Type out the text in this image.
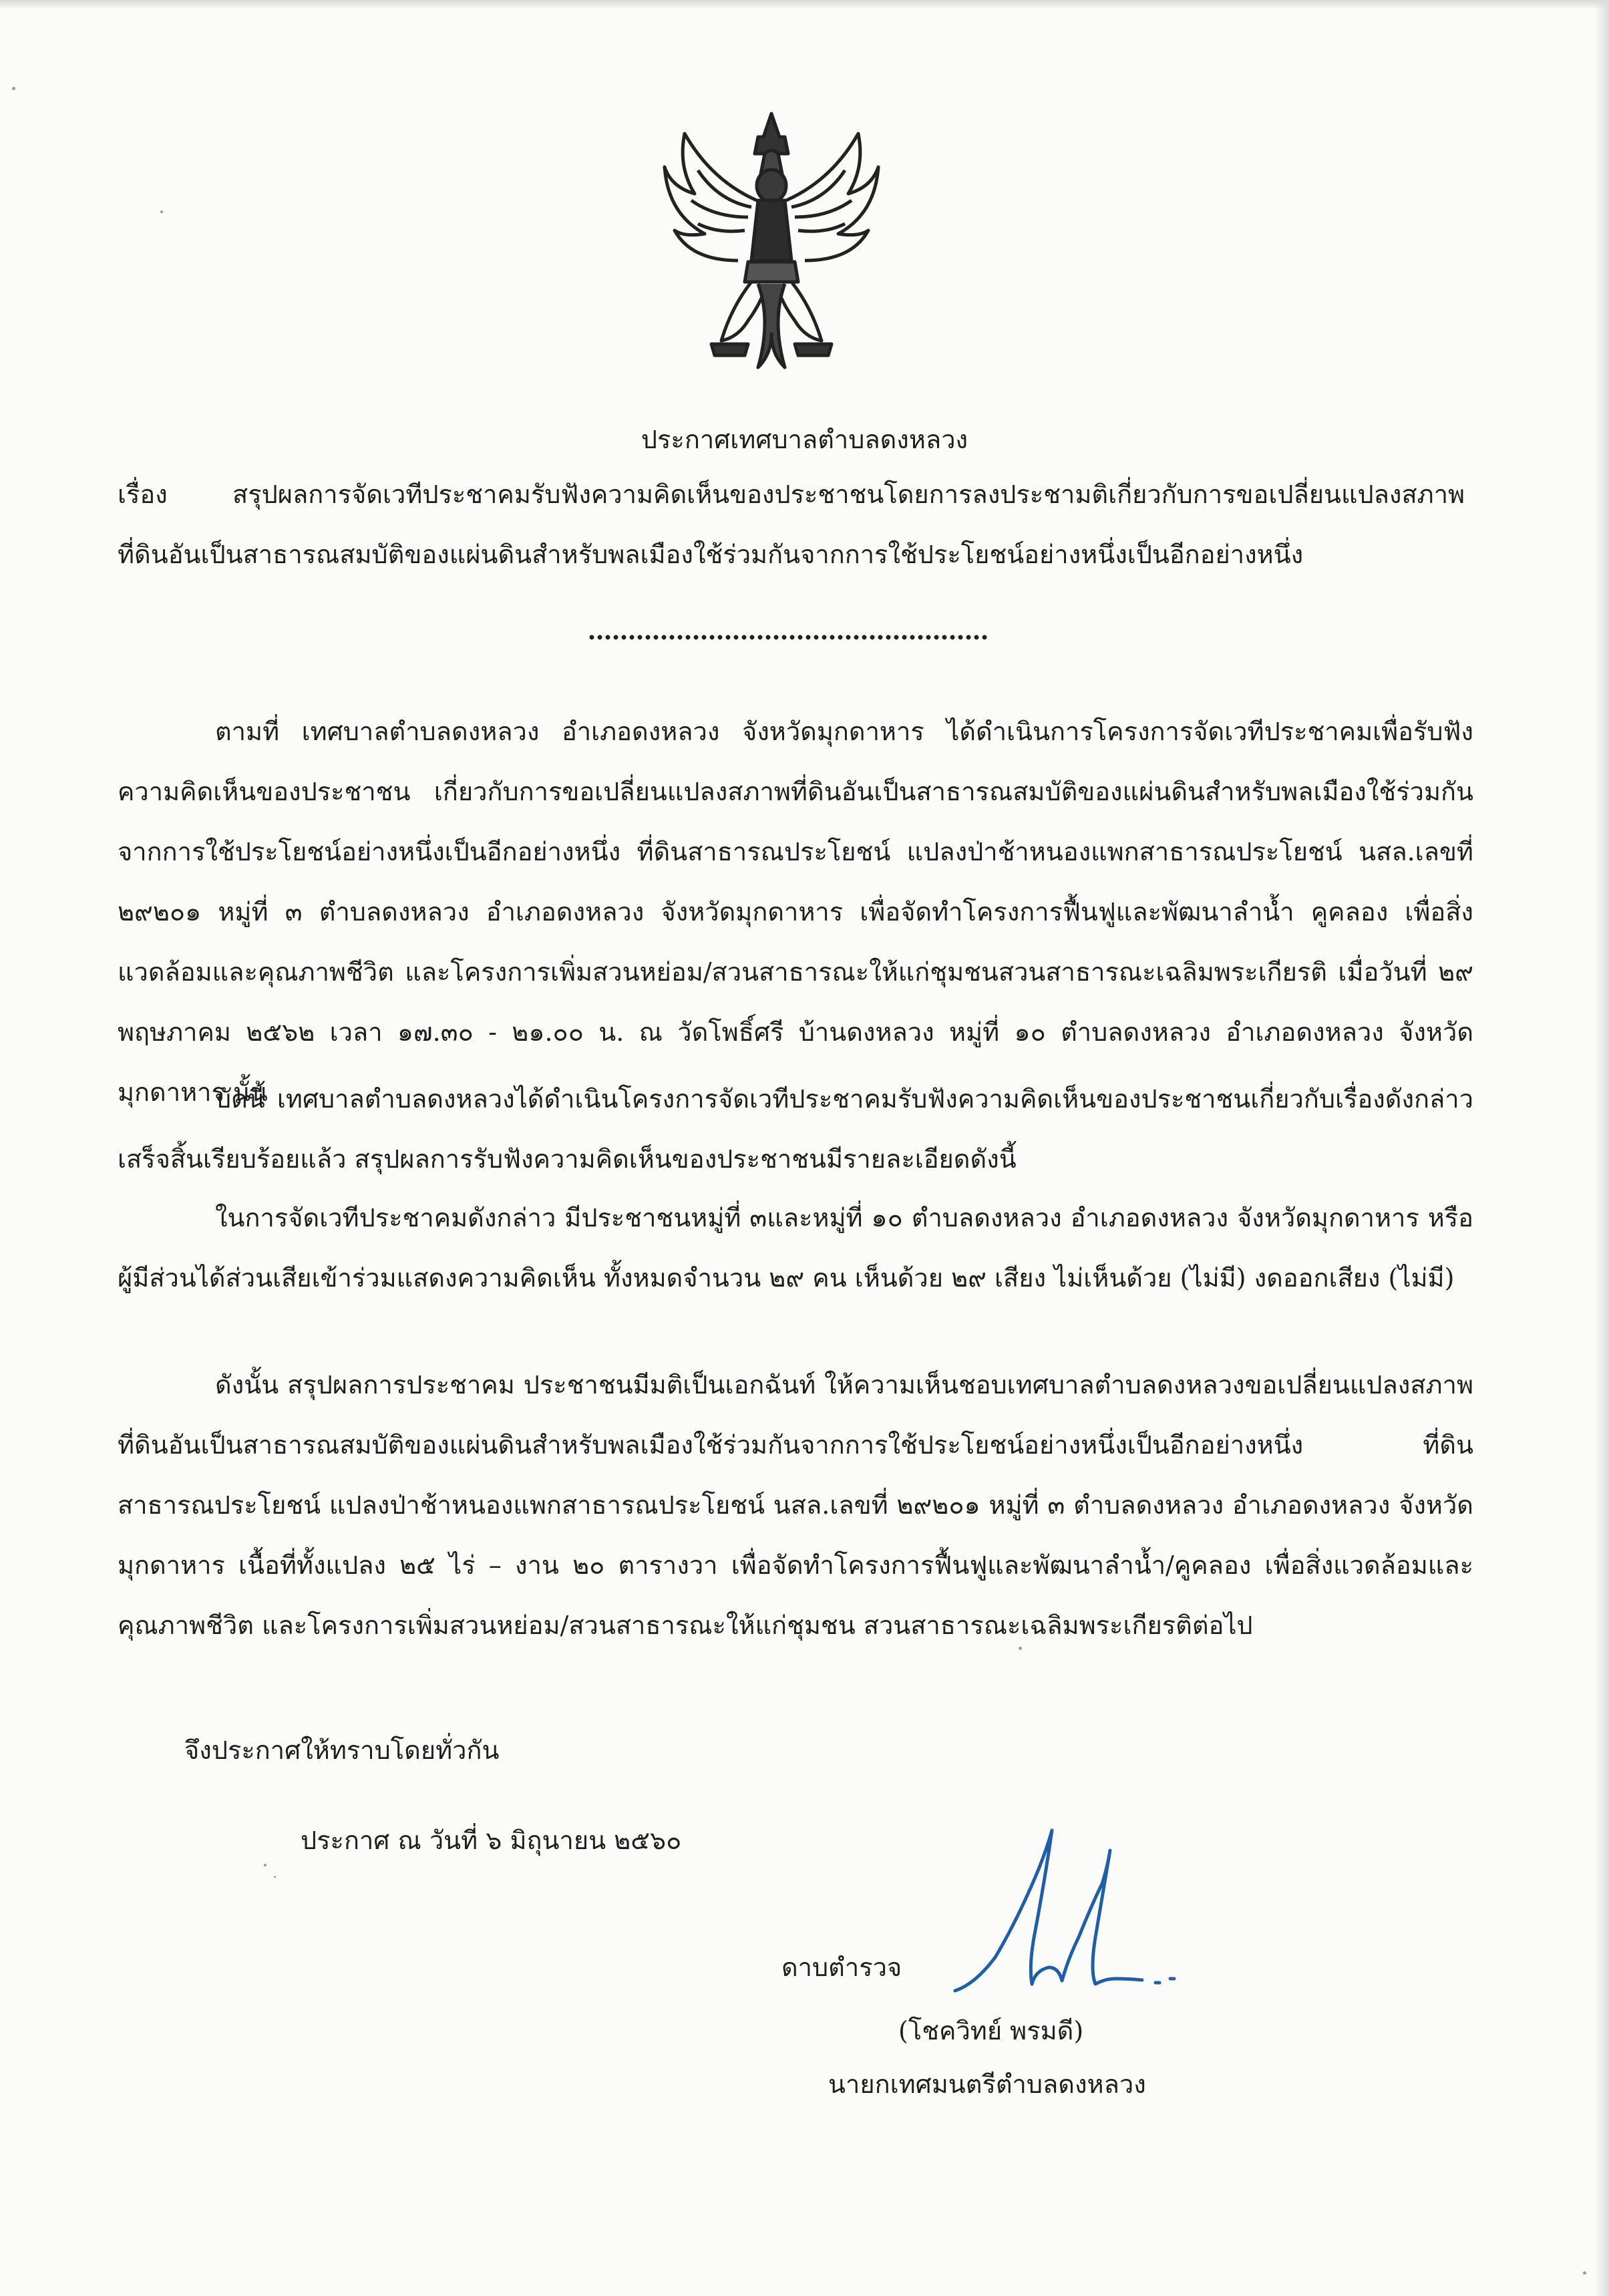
ประกาศเทศบาลตำบลดงหลวง
เรื่อง	สรุปผลการจัดเวทีประชาคมรับฟังความคิดเห็นของประชาชนโดยการลงประชามติเกี่ยวกับการขอเปลี่ยนแปลงสภาพที่ดินอันเป็นสาธารณสมบัติของแผ่นดินสำหรับพลเมืองใช้ร่วมกันจากการใช้ประโยชน์อย่างหนึ่งเป็นอีกอย่างหนึ่ง

ตามที่ เทศบาลตำบลดงหลวง อำเภอดงหลวง จังหวัดมุกดาหาร ได้ดำเนินการโครงการจัดเวทีประชาคมเพื่อรับฟังความคิดเห็นของประชาชน เกี่ยวกับการขอเปลี่ยนแปลงสภาพที่ดินอันเป็นสาธารณสมบัติของแผ่นดินสำหรับพลเมืองใช้ร่วมกันจากการใช้ประโยชน์อย่างหนึ่งเป็นอีกอย่างหนึ่ง ที่ดินสาธารณประโยชน์ แปลงป่าช้าหนองแพกสาธารณประโยชน์ นสล.เลขที่ ๒๙๒๐๑ หมู่ที่ ๓ ตำบลดงหลวง อำเภอดงหลวง จังหวัดมุกดาหาร เพื่อจัดทำโครงการฟื้นฟูและพัฒนาลำน้ำ คูคลอง เพื่อสิ่งแวดล้อมและคุณภาพชีวิต และโครงการเพิ่มสวนหย่อม/สวนสาธารณะให้แก่ชุมชนสวนสาธารณะเฉลิมพระเกียรติ เมื่อวันที่ ๒๙ พฤษภาคม ๒๕๖๒ เวลา ๑๗.๓๐ - ๒๑.๐๐ น. ณ วัดโพธิ์ศรี บ้านดงหลวง หมู่ที่ ๑๐ ตำบลดงหลวง อำเภอดงหลวง จังหวัดมุกดาหาร นั้น

บัดนี้ เทศบาลตำบลดงหลวงได้ดำเนินโครงการจัดเวทีประชาคมรับฟังความคิดเห็นของประชาชนเกี่ยวกับเรื่องดังกล่าวเสร็จสิ้นเรียบร้อยแล้ว สรุปผลการรับฟังความคิดเห็นของประชาชนมีรายละเอียดดังนี้

ในการจัดเวทีประชาคมดังกล่าว มีประชาชนหมู่ที่ ๓และหมู่ที่ ๑๐ ตำบลดงหลวง อำเภอดงหลวง จังหวัดมุกดาหาร หรือผู้มีส่วนได้ส่วนเสียเข้าร่วมแสดงความคิดเห็น ทั้งหมดจำนวน ๒๙ คน เห็นด้วย ๒๙ เสียง ไม่เห็นด้วย (ไม่มี) งดออกเสียง (ไม่มี)

ดังนั้น สรุปผลการประชาคม ประชาชนมีมติเป็นเอกฉันท์ ให้ความเห็นชอบเทศบาลตำบลดงหลวงขอเปลี่ยนแปลงสภาพที่ดินอันเป็นสาธารณสมบัติของแผ่นดินสำหรับพลเมืองใช้ร่วมกันจากการใช้ประโยชน์อย่างหนึ่งเป็นอีกอย่างหนึ่ง ที่ดินสาธารณประโยชน์ แปลงป่าช้าหนองแพกสาธารณประโยชน์ นสล.เลขที่ ๒๙๒๐๑ หมู่ที่ ๓ ตำบลดงหลวง อำเภอดงหลวง จังหวัดมุกดาหาร เนื้อที่ทั้งแปลง ๒๕ ไร่ – งาน ๒๐ ตารางวา เพื่อจัดทำโครงการฟื้นฟูและพัฒนาลำน้ำ/คูคลอง เพื่อสิ่งแวดล้อมและคุณภาพชีวิต และโครงการเพิ่มสวนหย่อม/สวนสาธารณะให้แก่ชุมชน สวนสาธารณะเฉลิมพระเกียรติต่อไป

จึงประกาศให้ทราบโดยทั่วกัน
ประกาศ ณ วันที่ ๖ มิถุนายน ๒๕๖๐
ดาบตำรวจ
(โชควิทย์ พรมดี)
นายกเทศมนตรีตำบลดงหลวง
